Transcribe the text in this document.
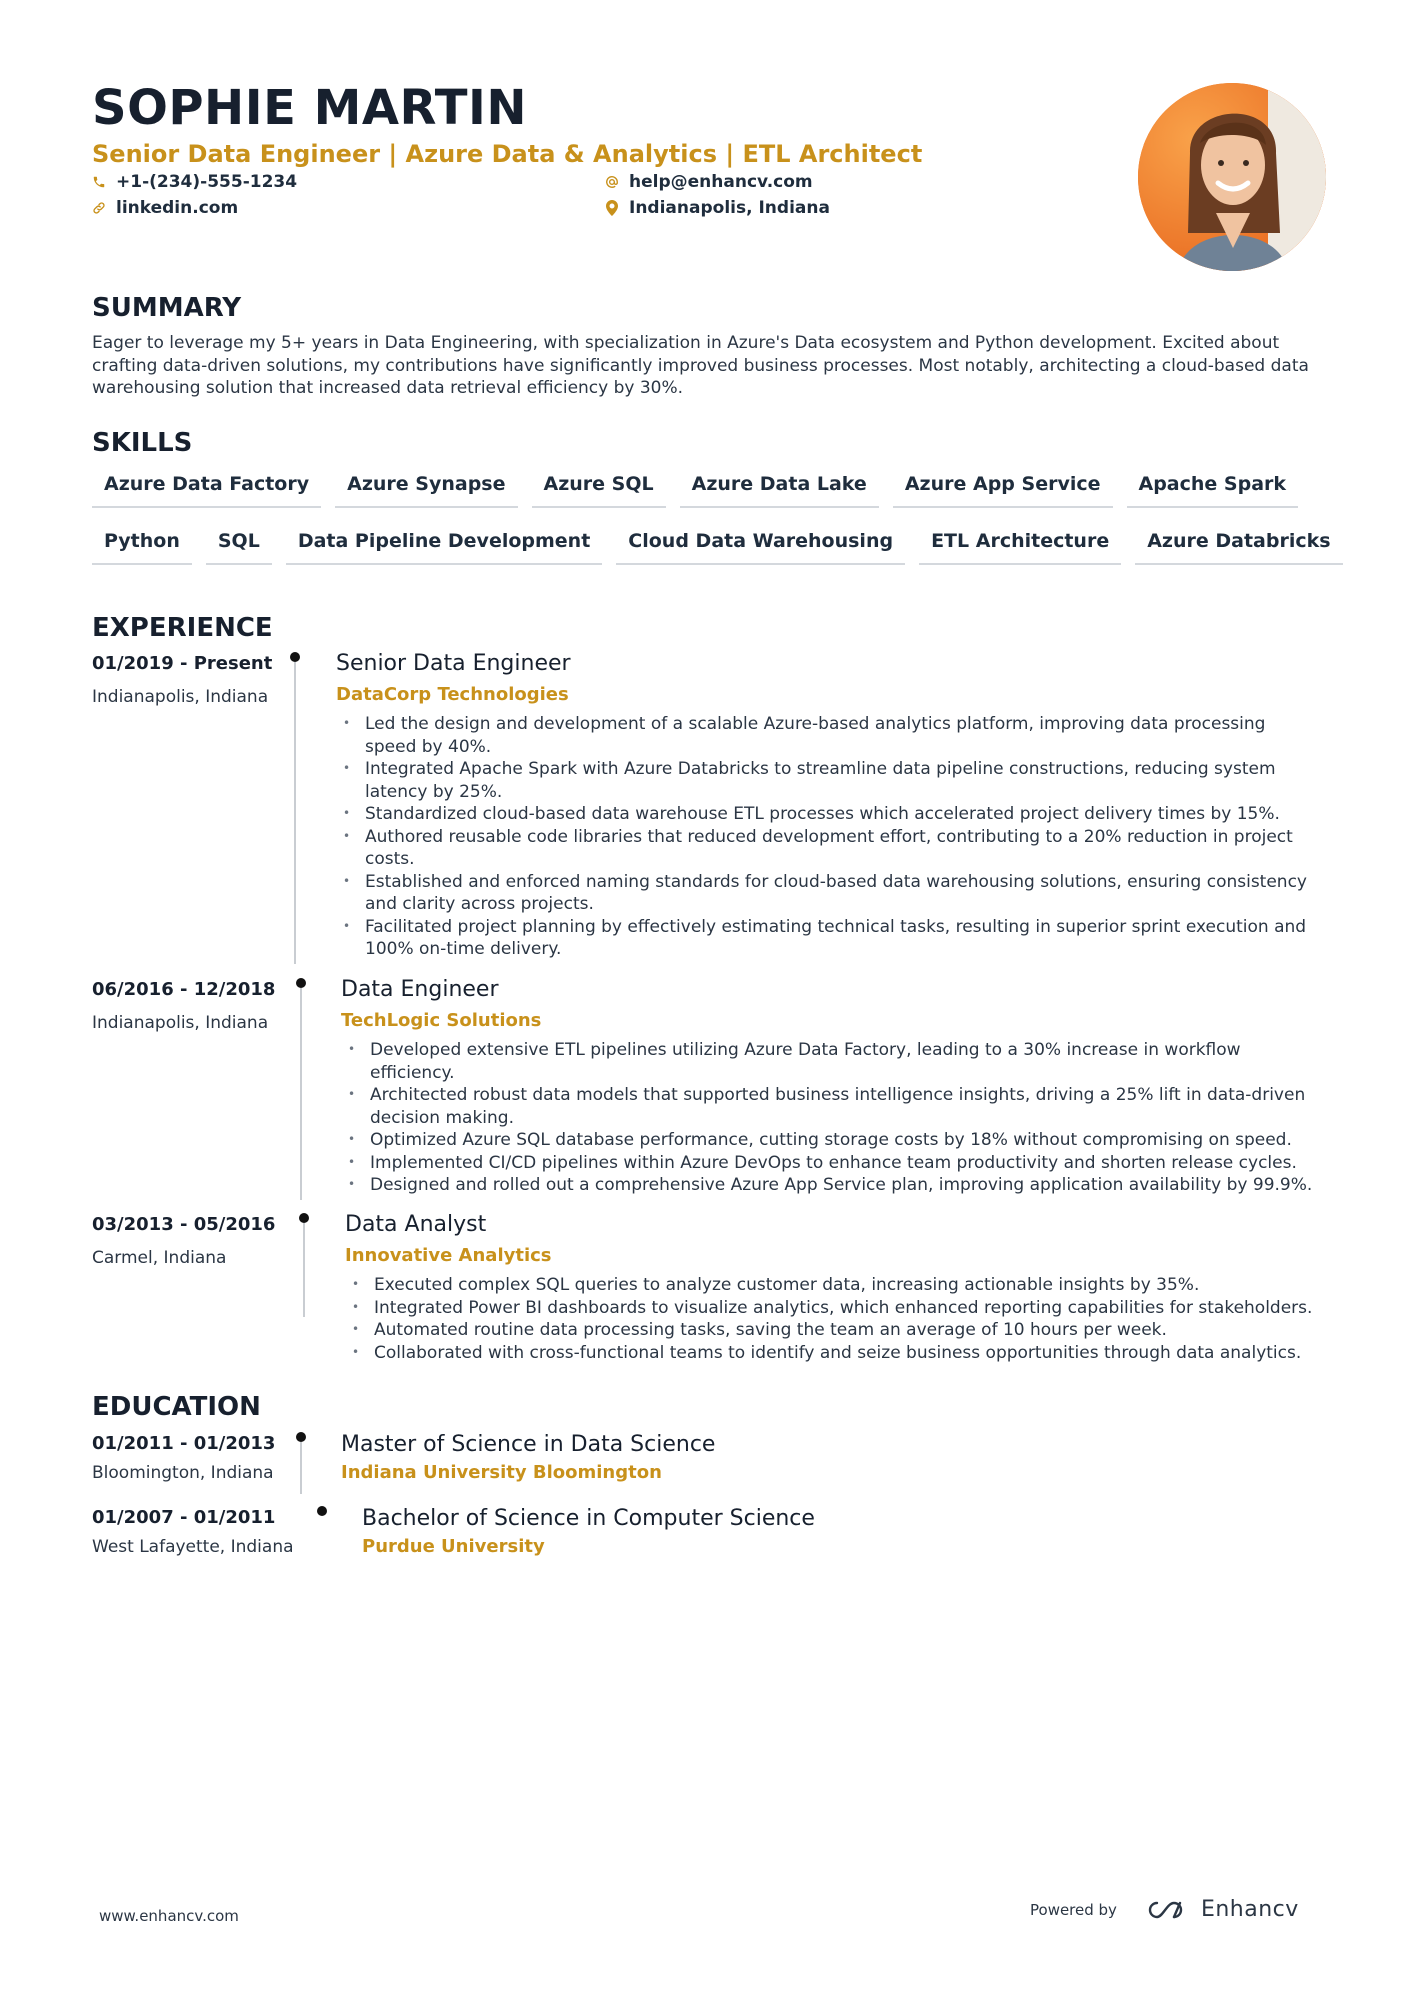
SOPHIE MARTIN
Senior Data Engineer | Azure Data & Analytics | ETL Architect
+1-(234)-555-1234
linkedin.com
help@enhancv.com
Indianapolis, Indiana
SUMMARY
Eager to leverage my 5+ years in Data Engineering, with specialization in Azure's Data ecosystem and Python development. Excited about crafting data-driven solutions, my contributions have significantly improved business processes. Most notably, architecting a cloud-based data warehousing solution that increased data retrieval efficiency by 30%.
SKILLS
Azure Data Factory	Azure Synapse	Azure SQL	Azure Data Lake	Azure App Service	Apache Spark
Python	SQL	Data Pipeline Development	Cloud Data Warehousing	ETL Architecture	Azure Databricks
EXPERIENCE
01/2019 - Present
Indianapolis, Indiana
Senior Data Engineer
DataCorp Technologies
• Led the design and development of a scalable Azure-based analytics platform, improving data processing speed by 40%.
• Integrated Apache Spark with Azure Databricks to streamline data pipeline constructions, reducing system latency by 25%.
• Standardized cloud-based data warehouse ETL processes which accelerated project delivery times by 15%.
• Authored reusable code libraries that reduced development effort, contributing to a 20% reduction in project costs.
• Established and enforced naming standards for cloud-based data warehousing solutions, ensuring consistency and clarity across projects.
• Facilitated project planning by effectively estimating technical tasks, resulting in superior sprint execution and 100% on-time delivery.
06/2016 - 12/2018
Indianapolis, Indiana
Data Engineer
TechLogic Solutions
• Developed extensive ETL pipelines utilizing Azure Data Factory, leading to a 30% increase in workflow efficiency.
• Architected robust data models that supported business intelligence insights, driving a 25% lift in data-driven decision making.
• Optimized Azure SQL database performance, cutting storage costs by 18% without compromising on speed.
• Implemented CI/CD pipelines within Azure DevOps to enhance team productivity and shorten release cycles.
• Designed and rolled out a comprehensive Azure App Service plan, improving application availability by 99.9%.
03/2013 - 05/2016
Carmel, Indiana
Data Analyst
Innovative Analytics
• Executed complex SQL queries to analyze customer data, increasing actionable insights by 35%.
• Integrated Power BI dashboards to visualize analytics, which enhanced reporting capabilities for stakeholders.
• Automated routine data processing tasks, saving the team an average of 10 hours per week.
• Collaborated with cross-functional teams to identify and seize business opportunities through data analytics.
EDUCATION
01/2011 - 01/2013
Bloomington, Indiana
Master of Science in Data Science
Indiana University Bloomington
01/2007 - 01/2011
West Lafayette, Indiana
Bachelor of Science in Computer Science
Purdue University
www.enhancv.com	Powered by	Enhancv
